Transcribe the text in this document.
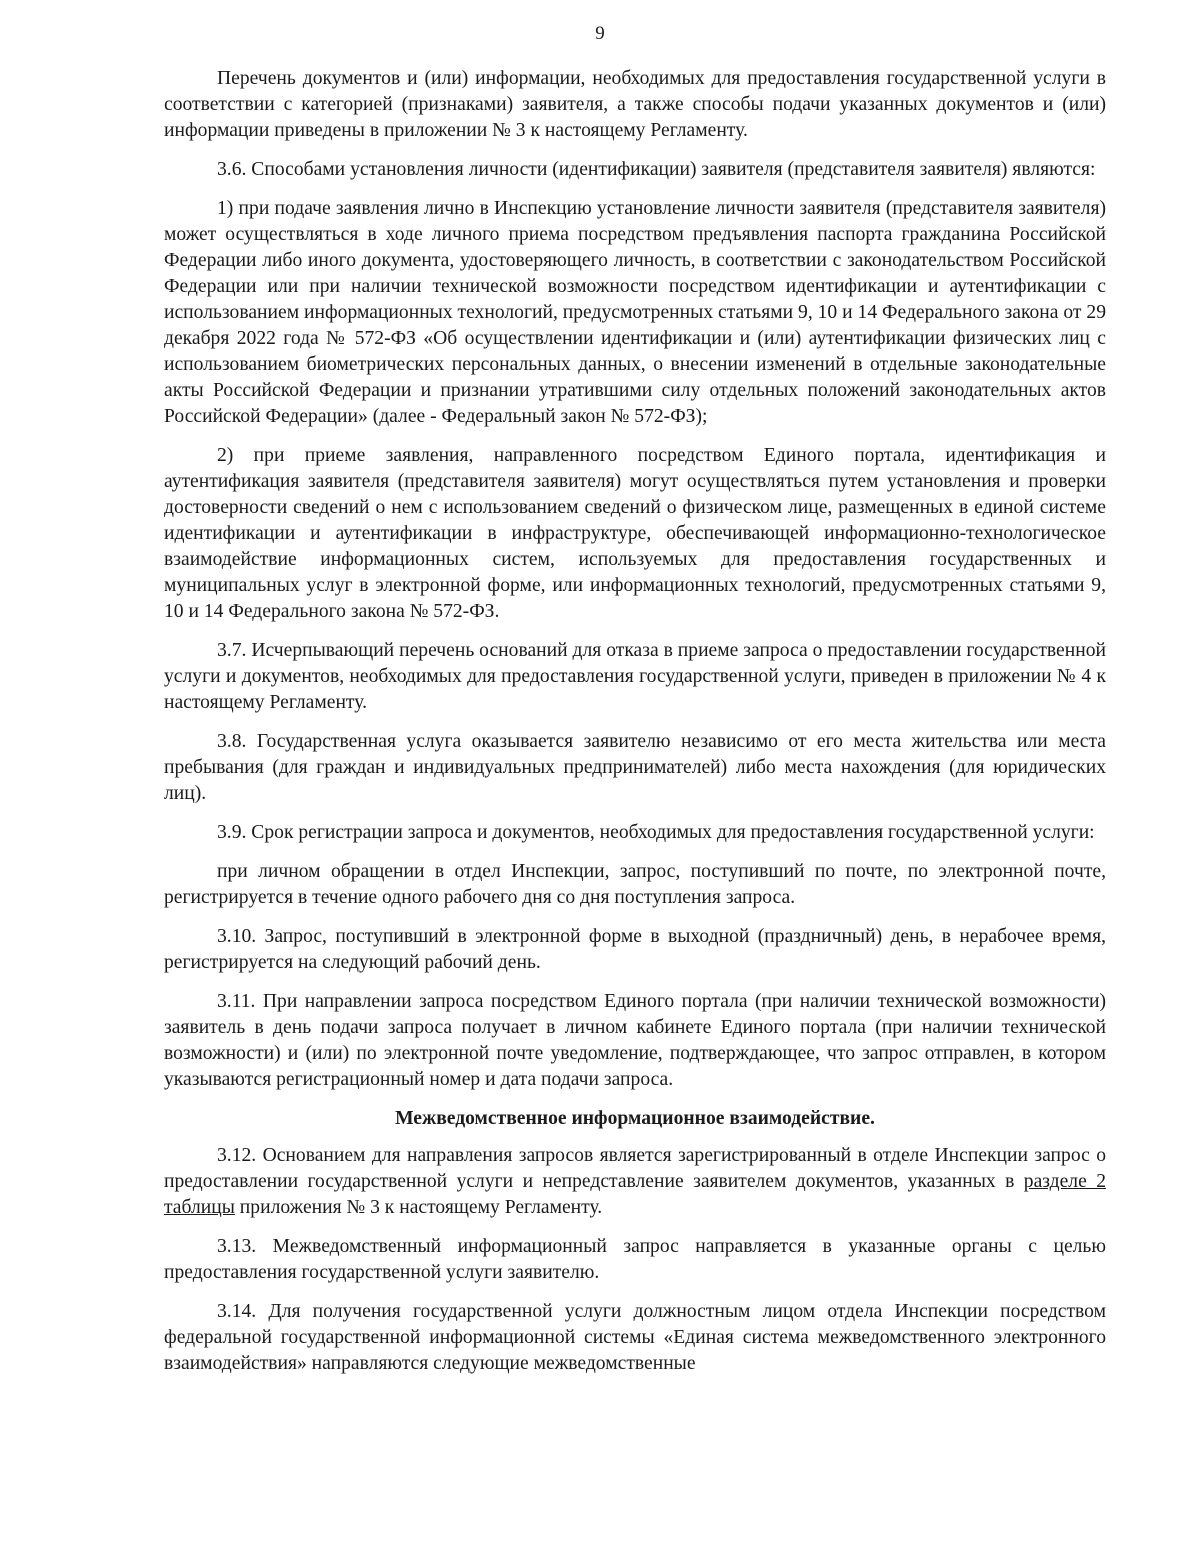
9

Перечень документов и (или) информации, необходимых для предоставления государственной услуги в соответствии с категорией (признаками) заявителя, а также способы подачи указанных документов и (или) информации приведены в приложении № 3 к настоящему Регламенту.

3.6. Способами установления личности (идентификации) заявителя (представителя заявителя) являются:

1) при подаче заявления лично в Инспекцию установление личности заявителя (представителя заявителя) может осуществляться в ходе личного приема посредством предъявления паспорта гражданина Российской Федерации либо иного документа, удостоверяющего личность, в соответствии с законодательством Российской Федерации или при наличии технической возможности посредством идентификации и аутентификации с использованием информационных технологий, предусмотренных статьями 9, 10 и 14 Федерального закона от 29 декабря 2022 года № 572-ФЗ «Об осуществлении идентификации и (или) аутентификации физических лиц с использованием биометрических персональных данных, о внесении изменений в отдельные законодательные акты Российской Федерации и признании утратившими силу отдельных положений законодательных актов Российской Федерации» (далее - Федеральный закон № 572-ФЗ);

2) при приеме заявления, направленного посредством Единого портала, идентификация и аутентификация заявителя (представителя заявителя) могут осуществляться путем установления и проверки достоверности сведений о нем с использованием сведений о физическом лице, размещенных в единой системе идентификации и аутентификации в инфраструктуре, обеспечивающей информационно-технологическое взаимодействие информационных систем, используемых для предоставления государственных и муниципальных услуг в электронной форме, или информационных технологий, предусмотренных статьями 9, 10 и 14 Федерального закона № 572-ФЗ.

3.7. Исчерпывающий перечень оснований для отказа в приеме запроса о предоставлении государственной услуги и документов, необходимых для предоставления государственной услуги, приведен в приложении № 4 к настоящему Регламенту.

3.8. Государственная услуга оказывается заявителю независимо от его места жительства или места пребывания (для граждан и индивидуальных предпринимателей) либо места нахождения (для юридических лиц).

3.9. Срок регистрации запроса и документов, необходимых для предоставления государственной услуги:

при личном обращении в отдел Инспекции, запрос, поступивший по почте, по электронной почте, регистрируется в течение одного рабочего дня со дня поступления запроса.

3.10. Запрос, поступивший в электронной форме в выходной (праздничный) день, в нерабочее время, регистрируется на следующий рабочий день.

3.11. При направлении запроса посредством Единого портала (при наличии технической возможности) заявитель в день подачи запроса получает в личном кабинете Единого портала (при наличии технической возможности) и (или) по электронной почте уведомление, подтверждающее, что запрос отправлен, в котором указываются регистрационный номер и дата подачи запроса.

Межведомственное информационное взаимодействие.

3.12. Основанием для направления запросов является зарегистрированный в отделе Инспекции запрос о предоставлении государственной услуги и непредставление заявителем документов, указанных в разделе 2 таблицы приложения № 3 к настоящему Регламенту.

3.13. Межведомственный информационный запрос направляется в указанные органы с целью предоставления государственной услуги заявителю.

3.14. Для получения государственной услуги должностным лицом отдела Инспекции посредством федеральной государственной информационной системы «Единая система межведомственного электронного взаимодействия» направляются следующие межведомственные
